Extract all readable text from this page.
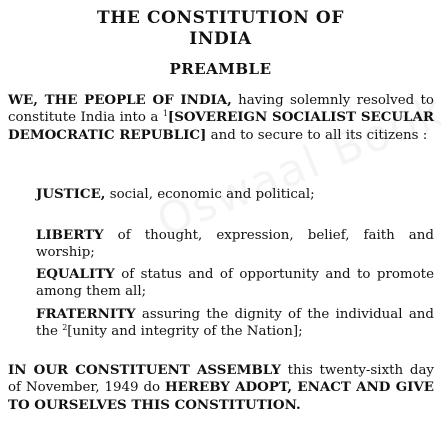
THE CONSTITUTION OF
INDIA
PREAMBLE

WE, THE PEOPLE OF INDIA, having solemnly resolved to constitute India into a $^1$[SOVEREIGN SOCIALIST SECULAR DEMOCRATIC REPUBLIC] and to secure to all its citizens :

JUSTICE, social, economic and political;

LIBERTY of thought, expression, belief, faith and worship;

EQUALITY of status and of opportunity and to promote among them all;

FRATERNITY assuring the dignity of the individual and the $^2$[unity and integrity of the Nation];

IN OUR CONSTITUENT ASSEMBLY this twenty-sixth day of November, 1949 do HEREBY ADOPT, ENACT AND GIVE TO OURSELVES THIS CONSTITUTION.
